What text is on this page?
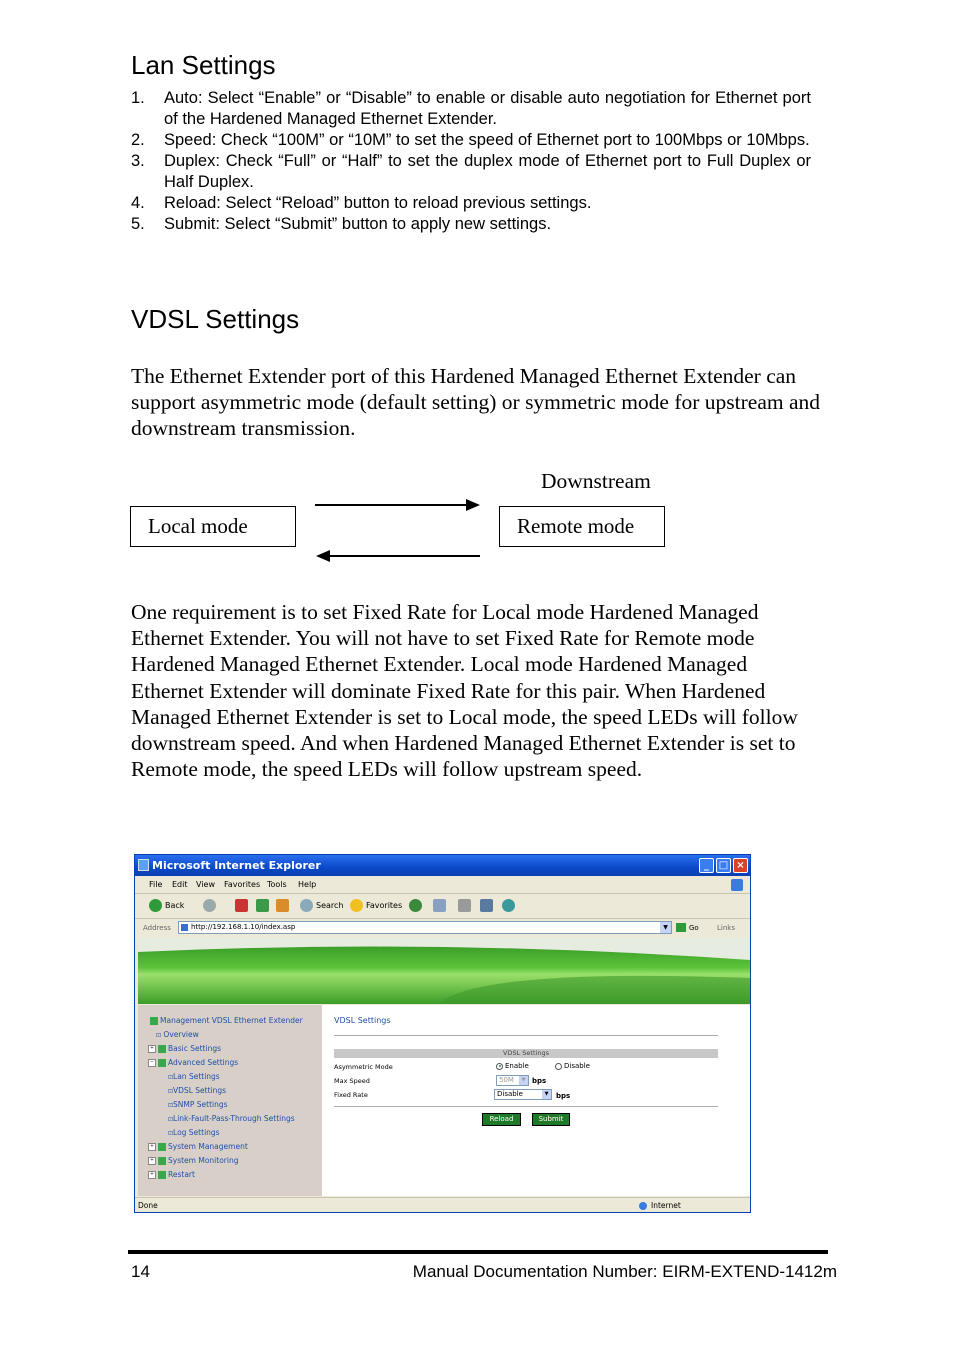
Lan Settings
1. Auto: Select “Enable” or “Disable” to enable or disable auto negotiation for Ethernet port of the Hardened Managed Ethernet Extender.
2. Speed: Check “100M” or “10M” to set the speed of Ethernet port to 100Mbps or 10Mbps.
3. Duplex: Check “Full” or “Half” to set the duplex mode of Ethernet port to Full Duplex or Half Duplex.
4. Reload: Select “Reload” button to reload previous settings.
5. Submit: Select “Submit” button to apply new settings.
VDSL Settings

The Ethernet Extender port of this Hardened Managed Ethernet Extender can support asymmetric mode (default setting) or symmetric mode for upstream and downstream transmission.

Downstream
Local mode	Remote mode

One requirement is to set Fixed Rate for Local mode Hardened Managed Ethernet Extender. You will not have to set Fixed Rate for Remote mode Hardened Managed Ethernet Extender. Local mode Hardened Managed Ethernet Extender will dominate Fixed Rate for this pair. When Hardened Managed Ethernet Extender is set to Local mode, the speed LEDs will follow downstream speed. And when Hardened Managed Ethernet Extender is set to Remote mode, the speed LEDs will follow upstream speed.

Microsoft Internet Explorer	_ □ ×
File Edit View Favorites Tools Help
Back	Search	Favorites
Address	http://192.168.1.10/index.asp	▼	Go	Links
Management VDSL Ethernet Extender
⊡ Overview
+ Basic Settings
− Advanced Settings
⊡Lan Settings
⊡VDSL Settings
⊡SNMP Settings
⊡Link-Fault-Pass-Through Settings
⊡Log Settings
+ System Management
+ System Monitoring
+ Restart
VDSL Settings
VDSL Settings
Asymmetric Mode	Enable	Disable
Max Speed	50M	▼ bps
Fixed Rate	Disable	▼	bps
Reload	Submit
Done	Internet
14	Manual Documentation Number: EIRM-EXTEND-1412m
